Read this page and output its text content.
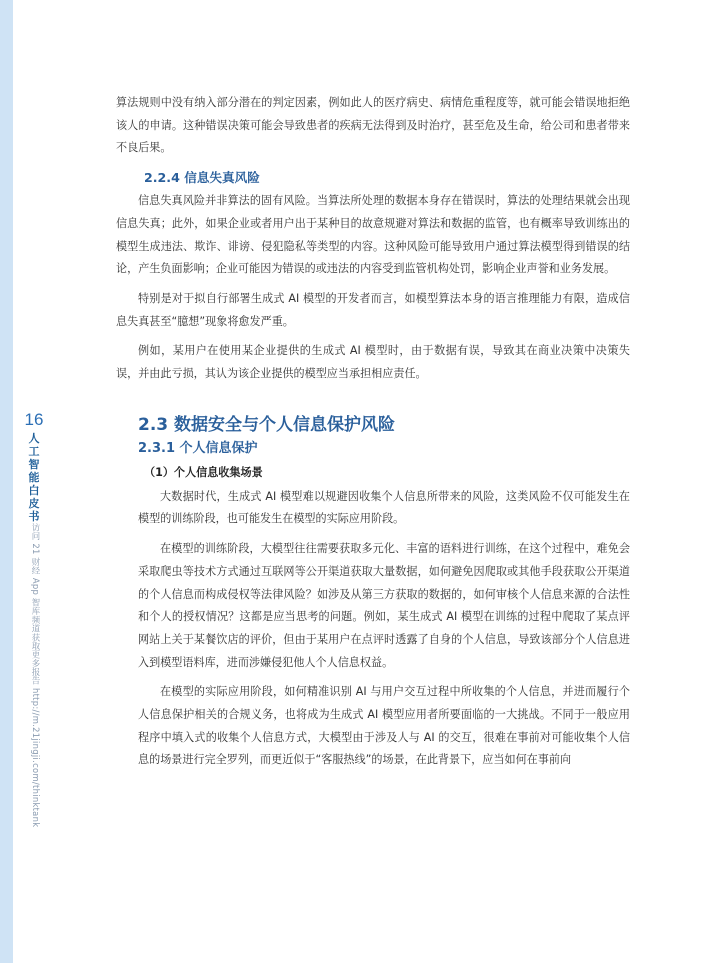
16
人
工
智
能
白
皮
书
访问 21 财经 App 智库频道获取更多报告 http://m.21jingji.com/thinktank

算法规则中没有纳入部分潜在的判定因素，例如此人的医疗病史、病情危重程度等，就可能会错误地拒绝该人的申请。这种错误决策可能会导致患者的疾病无法得到及时治疗，甚至危及生命，给公司和患者带来不良后果。

2.2.4 信息失真风险

信息失真风险并非算法的固有风险。当算法所处理的数据本身存在错误时，算法的处理结果就会出现信息失真；此外，如果企业或者用户出于某种目的故意规避对算法和数据的监管，也有概率导致训练出的模型生成违法、欺诈、诽谤、侵犯隐私等类型的内容。这种风险可能导致用户通过算法模型得到错误的结论，产生负面影响；企业可能因为错误的或违法的内容受到监管机构处罚，影响企业声誉和业务发展。

特别是对于拟自行部署生成式 AI 模型的开发者而言，如模型算法本身的语言推理能力有限，造成信息失真甚至“臆想”现象将愈发严重。

例如，某用户在使用某企业提供的生成式 AI 模型时，由于数据有误，导致其在商业决策中决策失误，并由此亏损，其认为该企业提供的模型应当承担相应责任。

2.3 数据安全与个人信息保护风险
2.3.1 个人信息保护
（1）个人信息收集场景

大数据时代，生成式 AI 模型难以规避因收集个人信息所带来的风险，这类风险不仅可能发生在模型的训练阶段，也可能发生在模型的实际应用阶段。

在模型的训练阶段，大模型往往需要获取多元化、丰富的语料进行训练，在这个过程中，难免会采取爬虫等技术方式通过互联网等公开渠道获取大量数据，如何避免因爬取或其他手段获取公开渠道的个人信息而构成侵权等法律风险？如涉及从第三方获取的数据的，如何审核个人信息来源的合法性和个人的授权情况？这都是应当思考的问题。例如，某生成式 AI 模型在训练的过程中爬取了某点评网站上关于某餐饮店的评价，但由于某用户在点评时透露了自身的个人信息，导致该部分个人信息进入到模型语料库，进而涉嫌侵犯他人个人信息权益。

在模型的实际应用阶段，如何精准识别 AI 与用户交互过程中所收集的个人信息，并进而履行个人信息保护相关的合规义务，也将成为生成式 AI 模型应用者所要面临的一大挑战。不同于一般应用程序中填入式的收集个人信息方式，大模型由于涉及人与 AI 的交互，很难在事前对可能收集个人信息的场景进行完全罗列，而更近似于“客服热线”的场景，在此背景下，应当如何在事前向
